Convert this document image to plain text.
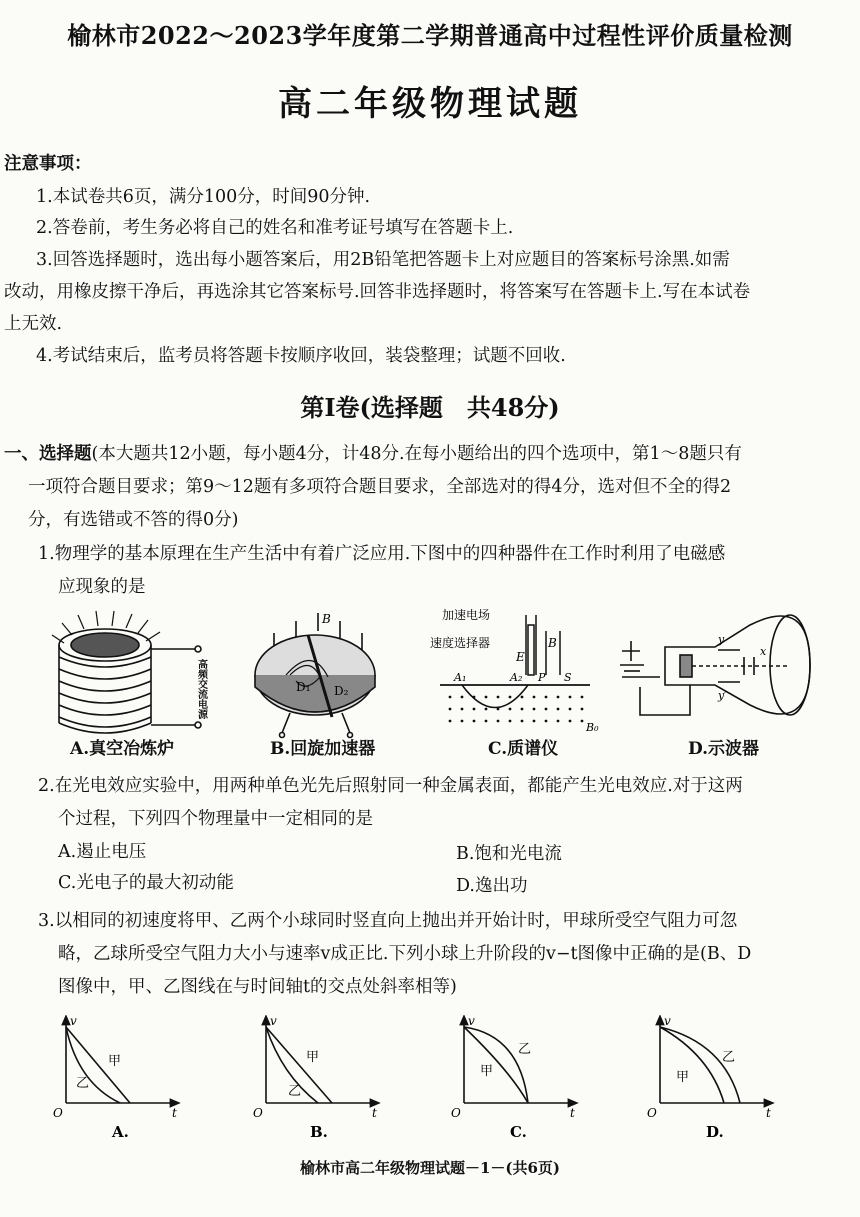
榆林市2022～2023学年度第二学期普通高中过程性评价质量检测
高二年级物理试题
注意事项：
1.本试卷共6页，满分100分，时间90分钟.
2.答卷前，考生务必将自己的姓名和准考证号填写在答题卡上.
3.回答选择题时，选出每小题答案后，用2B铅笔把答题卡上对应题目的答案标号涂黑.如需
改动，用橡皮擦干净后，再选涂其它答案标号.回答非选择题时，将答案写在答题卡上.写在本试卷
上无效.
4.考试结束后，监考员将答题卡按顺序收回，装袋整理；试题不回收.
第Ⅰ卷(选择题　共48分)
一、选择题(本大题共12小题，每小题4分，计48分.在每小题给出的四个选项中，第1～8题只有
一项符合题目要求；第9～12题有多项符合题目要求，全部选对的得4分，选对但不全的得2
分，有选错或不答的得0分)
1.物理学的基本原理在生产生活中有着广泛应用.下图中的四种器件在工作时利用了电磁感
应现象的是
高频交流电源
B
D₁ D₂
加速电场
速度选择器
E
B
A₁	A₂ P S
B₀
y
y′
x
A.真空冶炼炉	B.回旋加速器	C.质谱仪	D.示波器
2.在光电效应实验中，用两种单色光先后照射同一种金属表面，都能产生光电效应.对于这两
个过程，下列四个物理量中一定相同的是
A.遏止电压	B.饱和光电流
C.光电子的最大初动能	D.逸出功
3.以相同的初速度将甲、乙两个小球同时竖直向上抛出并开始计时，甲球所受空气阻力可忽
略，乙球所受空气阻力大小与速率v成正比.下列小球上升阶段的v−t图像中正确的是(B、D
图像中，甲、乙图线在与时间轴t的交点处斜率相等)
v
t
O
甲
乙
v
t
O
甲
乙
v
t
O
乙
甲
v
t
O
乙
甲
A.	B.	C.	D.
榆林市高二年级物理试题－1－(共6页)
